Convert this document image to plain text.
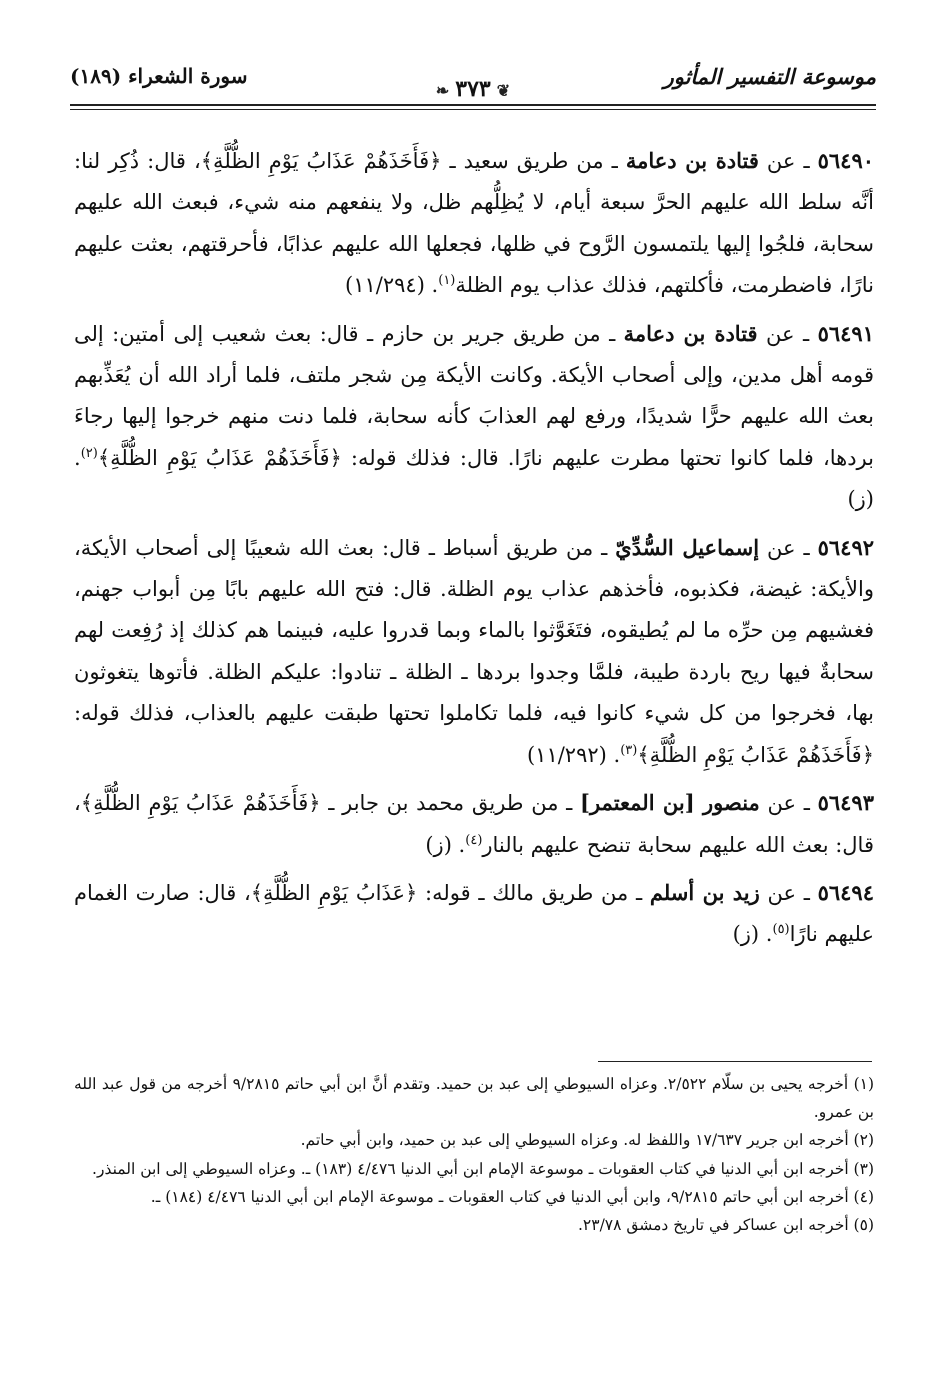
موسوعة التفسير المأثور
❦٣٧٣❧
سورة الشعراء (١٨٩)

٥٦٤٩٠ ـ عن قتادة بن دعامة ـ من طريق سعيد ـ ﴿فَأَخَذَهُمْ عَذَابُ يَوْمِ الظُّلَّةِ﴾، قال: ذُكِر لنا: أنَّه سلط الله عليهم الحرَّ سبعة أيام، لا يُظِلُّهم ظل، ولا ينفعهم منه شيء، فبعث الله عليهم سحابة، فلجُوا إليها يلتمسون الرَّوح في ظلها، فجعلها الله عليهم عذابًا، فأحرقتهم، بعثت عليهم نارًا، فاضطرمت، فأكلتهم، فذلك عذاب يوم الظلة$^{(١)}$. (١١/٢٩٤)

٥٦٤٩١ ـ عن قتادة بن دعامة ـ من طريق جرير بن حازم ـ قال: بعث شعيب إلى أمتين: إلى قومه أهل مدين، وإلى أصحاب الأيكة. وكانت الأيكة مِن شجر ملتف، فلما أراد الله أن يُعَذِّبهم بعث الله عليهم حرًّا شديدًا، ورفع لهم العذابَ كأنه سحابة، فلما دنت منهم خرجوا إليها رجاءَ بردها، فلما كانوا تحتها مطرت عليهم نارًا. قال: فذلك قوله: ﴿فَأَخَذَهُمْ عَذَابُ يَوْمِ الظُّلَّةِ﴾$^{(٢)}$. (ز)

٥٦٤٩٢ ـ عن إسماعيل السُّدِّيّ ـ من طريق أسباط ـ قال: بعث الله شعيبًا إلى أصحاب الأيكة، والأيكة: غيضة، فكذبوه، فأخذهم عذاب يوم الظلة. قال: فتح الله عليهم بابًا مِن أبواب جهنم، فغشيهم مِن حرِّه ما لم يُطيقوه، فتَغَوَّثوا بالماء وبما قدروا عليه، فبينما هم كذلك إذ رُفِعت لهم سحابةٌ فيها ريح باردة طيبة، فلمَّا وجدوا بردها ـ الظلة ـ تنادوا: عليكم الظلة. فأتوها يتغوثون بها، فخرجوا من كل شيء كانوا فيه، فلما تكاملوا تحتها طبقت عليهم بالعذاب، فذلك قوله: ﴿فَأَخَذَهُمْ عَذَابُ يَوْمِ الظُّلَّةِ﴾$^{(٣)}$. (١١/٢٩٢)

٥٦٤٩٣ ـ عن منصور [بن المعتمر] ـ من طريق محمد بن جابر ـ ﴿فَأَخَذَهُمْ عَذَابُ يَوْمِ الظُّلَّةِ﴾، قال: بعث الله عليهم سحابة تنضح عليهم بالنار$^{(٤)}$. (ز)

٥٦٤٩٤ ـ عن زيد بن أسلم ـ من طريق مالك ـ قوله: ﴿عَذَابُ يَوْمِ الظُّلَّةِ﴾، قال: صارت الغمام عليهم نارًا$^{(٥)}$. (ز)

(١) أخرجه يحيى بن سلّام ٢/٥٢٢. وعزاه السيوطي إلى عبد بن حميد. وتقدم أنَّ ابن أبي حاتم ٩/٢٨١٥ أخرجه من قول عبد الله بن عمرو.

(٢) أخرجه ابن جرير ١٧/٦٣٧ واللفظ له. وعزاه السيوطي إلى عبد بن حميد، وابن أبي حاتم.

(٣) أخرجه ابن أبي الدنيا في كتاب العقوبات ـ موسوعة الإمام ابن أبي الدنيا ٤/٤٧٦ (١٨٣) ـ. وعزاه السيوطي إلى ابن المنذر.

(٤) أخرجه ابن أبي حاتم ٩/٢٨١٥، وابن أبي الدنيا في كتاب العقوبات ـ موسوعة الإمام ابن أبي الدنيا ٤/٤٧٦ (١٨٤) ـ.

(٥) أخرجه ابن عساكر في تاريخ دمشق ٢٣/٧٨.
